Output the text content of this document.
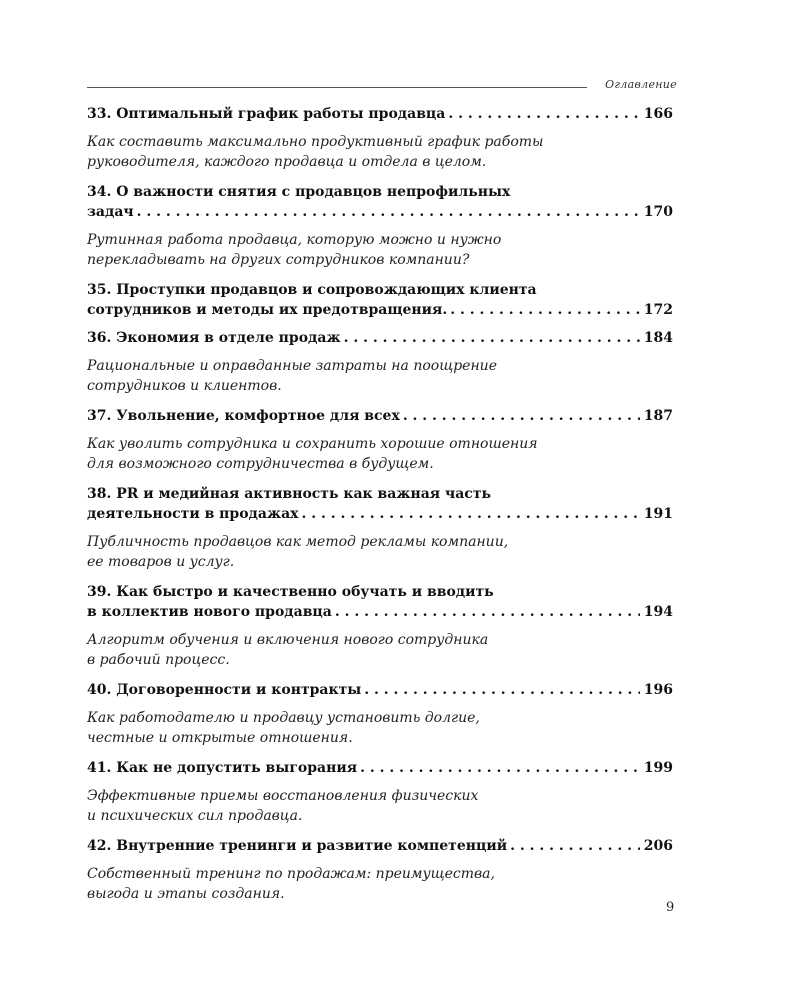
Оглавление
33. Оптимальный график работы продавца . . .	166
Как составить максимально продуктивный график работы
руководителя, каждого продавца и отдела в целом.
34. О важности снятия с продавцов непрофильных
задач . . .	170
Рутинная работа продавца, которую можно и нужно
перекладывать на других сотрудников компании?
35. Проступки продавцов и сопровождающих клиента
сотрудников и методы их предотвращения. . . .	172
36. Экономия в отделе продаж . . .	184
Рациональные и оправданные затраты на поощрение
сотрудников и клиентов.
37. Увольнение, комфортное для всех . . .	187
Как уволить сотрудника и сохранить хорошие отношения
для возможного сотрудничества в будущем.
38. PR и медийная активность как важная часть
деятельности в продажах . . .	191
Публичность продавцов как метод рекламы компании,
ее товаров и услуг.
39. Как быстро и качественно обучать и вводить
в коллектив нового продавца . . .	194
Алгоритм обучения и включения нового сотрудника
в рабочий процесс.
40. Договоренности и контракты . . .	196
Как работодателю и продавцу установить долгие,
честные и открытые отношения.
41. Как не допустить выгорания . . .	199
Эффективные приемы восстановления физических
и психических сил продавца.
42. Внутренние тренинги и развитие компетенций . . .	206
Собственный тренинг по продажам: преимущества,
выгода и этапы создания.
9
